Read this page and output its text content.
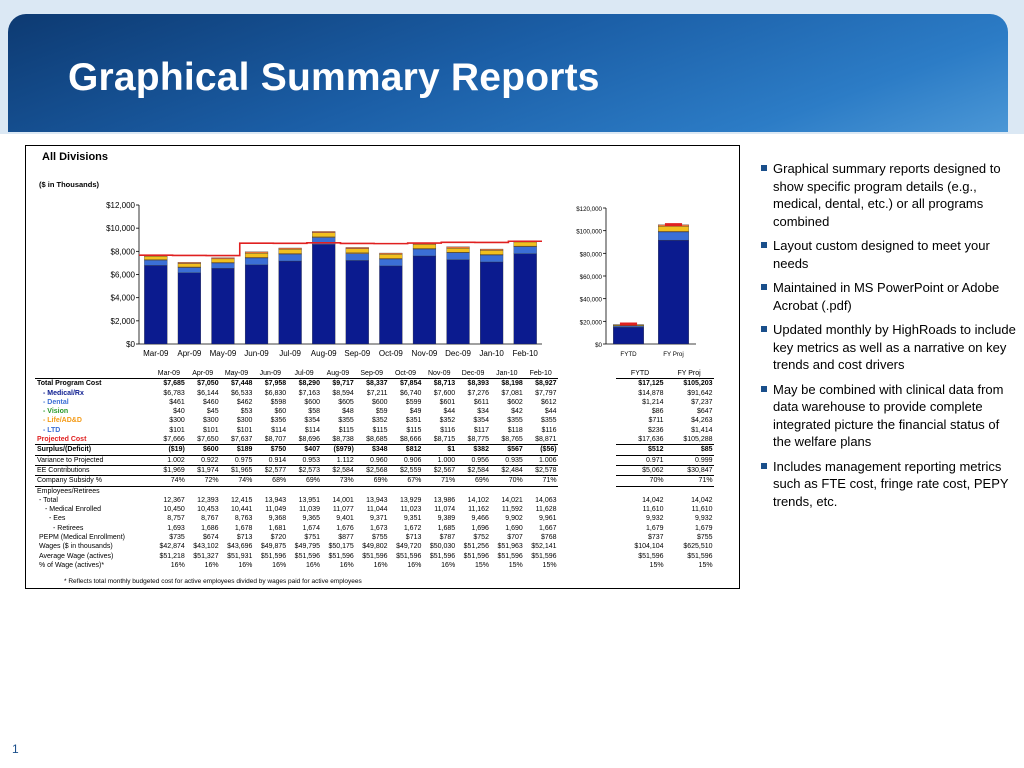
Graphical Summary Reports
All Divisions
($ in Thousands)
$0
$2,000
$4,000
$6,000
$8,000
$10,000
$12,000
Mar-09 Apr-09 May-09 Jun-09 Jul-09 Aug-09 Sep-09 Oct-09 Nov-09 Dec-09 Jan-10 Feb-10
$0
$20,000
$40,000
$60,000
$80,000
$100,000
$120,000
FYTD	FY Proj
	Mar-09	Apr-09	May-09	Jun-09	Jul-09	Aug-09	Sep-09	Oct-09	Nov-09	Dec-09	Jan-10	Feb-10		FYTD	FY Proj
Total Program Cost	$7,685	$7,050	$7,448	$7,958	$8,290	$9,717	$8,337	$7,854	$8,713	$8,393	$8,198	$8,927		$17,125	$105,203
- Medical/Rx	$6,783	$6,144	$6,533	$6,830	$7,163	$8,594	$7,211	$6,740	$7,600	$7,276	$7,081	$7,797		$14,878	$91,642
- Dental	$461	$460	$462	$598	$600	$605	$600	$599	$601	$611	$602	$612		$1,214	$7,237
- Vision	$40	$45	$53	$60	$58	$48	$59	$49	$44	$34	$42	$44		$86	$647
- Life/AD&D	$300	$300	$300	$356	$354	$355	$352	$351	$352	$354	$355	$355		$711	$4,263
- LTD	$101	$101	$101	$114	$114	$115	$115	$115	$116	$117	$118	$116		$236	$1,414
Projected Cost	$7,666	$7,650	$7,637	$8,707	$8,696	$8,738	$8,685	$8,666	$8,715	$8,775	$8,765	$8,871		$17,636	$105,288
Surplus/(Deficit)	($19)	$600	$189	$750	$407	($979)	$348	$812	$1	$382	$567	($56)		$512	$85
Variance to Projected	1.002	0.922	0.975	0.914	0.953	1.112	0.960	0.906	1.000	0.956	0.935	1.006		0.971	0.999
EE Contributions	$1,969	$1,974	$1,965	$2,577	$2,573	$2,584	$2,568	$2,559	$2,567	$2,584	$2,484	$2,578		$5,062	$30,847
Company Subsidy %	74%	72%	74%	68%	69%	73%	69%	67%	71%	69%	70%	71%		70%	71%
Employees/Retirees															
- Total	12,367	12,393	12,415	13,943	13,951	14,001	13,943	13,929	13,986	14,102	14,021	14,063		14,042	14,042
- Medical Enrolled	10,450	10,453	10,441	11,049	11,039	11,077	11,044	11,023	11,074	11,162	11,592	11,628		11,610	11,610
- Ees	8,757	8,767	8,763	9,368	9,365	9,401	9,371	9,351	9,389	9,466	9,902	9,961		9,932	9,932
- Retirees	1,693	1,686	1,678	1,681	1,674	1,676	1,673	1,672	1,685	1,696	1,690	1,667		1,679	1,679
PEPM (Medical Enrollment)	$735	$674	$713	$720	$751	$877	$755	$713	$787	$752	$707	$768		$737	$755
Wages ($ in thousands)	$42,874	$43,102	$43,696	$49,875	$49,795	$50,175	$49,802	$49,720	$50,030	$51,256	$51,963	$52,141		$104,104	$625,510
Average Wage (actives)	$51,218	$51,327	$51,931	$51,596	$51,596	$51,596	$51,596	$51,596	$51,596	$51,596	$51,596	$51,596		$51,596	$51,596
% of Wage (actives)*	16%	16%	16%	16%	16%	16%	16%	16%	16%	15%	15%	15%		15%	15%
* Reflects total monthly budgeted cost for active employees divided by wages paid for active employees
Graphical summary reports designed to show specific program details (e.g., medical, dental, etc.) or all programs combined
Layout custom designed to meet your needs
Maintained in MS PowerPoint or Adobe Acrobat (.pdf)
Updated monthly by HighRoads to include key metrics as well as a narrative on key trends and cost drivers
May be combined with clinical data from data warehouse to provide complete integrated picture the financial status of the welfare plans
Includes management reporting metrics such as FTE cost, fringe rate cost, PEPY trends, etc.
1
